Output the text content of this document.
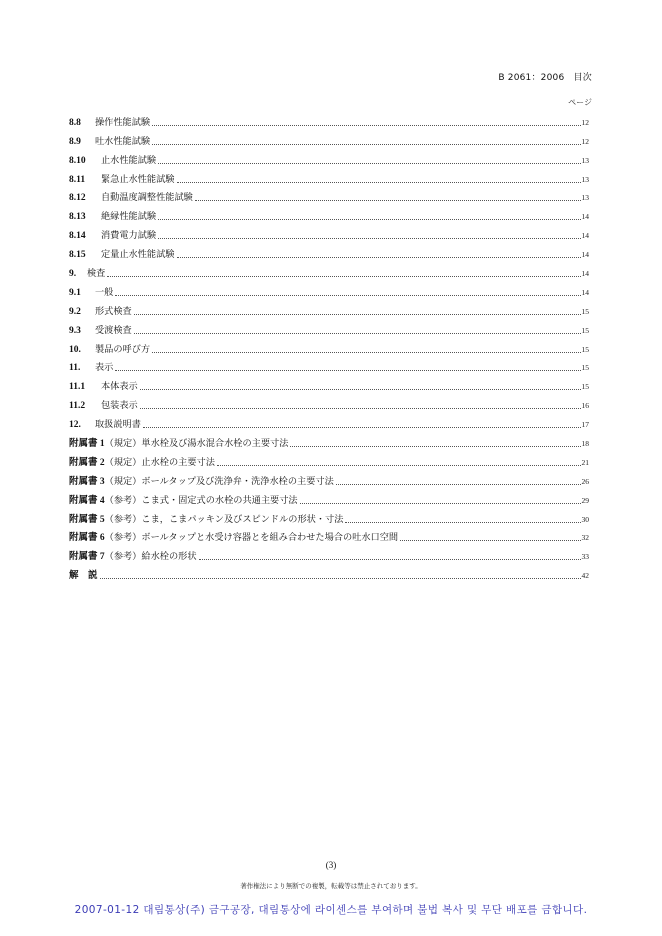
B 2061：2006　目次
ページ
8.8	操作性能試験	12
8.9	吐水性能試験	12
8.10	止水性能試験	13
8.11	緊急止水性能試験	13
8.12	自動温度調整性能試験	13
8.13	絶縁性能試験	14
8.14	消費電力試験	14
8.15	定量止水性能試験	14
9.	検査	14
9.1	一般	14
9.2	形式検査	15
9.3	受渡検査	15
10.	製品の呼び方	15
11.	表示	15
11.1	本体表示	15
11.2	包装表示	16
12.	取扱説明書	17
附属書 1 （規定）単水栓及び湯水混合水栓の主要寸法	18
附属書 2 （規定）止水栓の主要寸法	21
附属書 3 （規定）ボールタップ及び洗浄弁・洗浄水栓の主要寸法	26
附属書 4 （参考）こま式・固定式の水栓の共通主要寸法	29
附属書 5 （参考）こま，こまパッキン及びスピンドルの形状・寸法	30
附属書 6 （参考）ボールタップと水受け容器とを組み合わせた場合の吐水口空間	32
附属書 7 （参考）給水栓の形状	33
解　説	42
(3)
著作権法により無断での複製，転載等は禁止されております。
2007-01-12 대림통상(주) 금구공장, 대림통상에 라이센스를 부여하며 불법 복사 및 무단 배포를 금합니다.
